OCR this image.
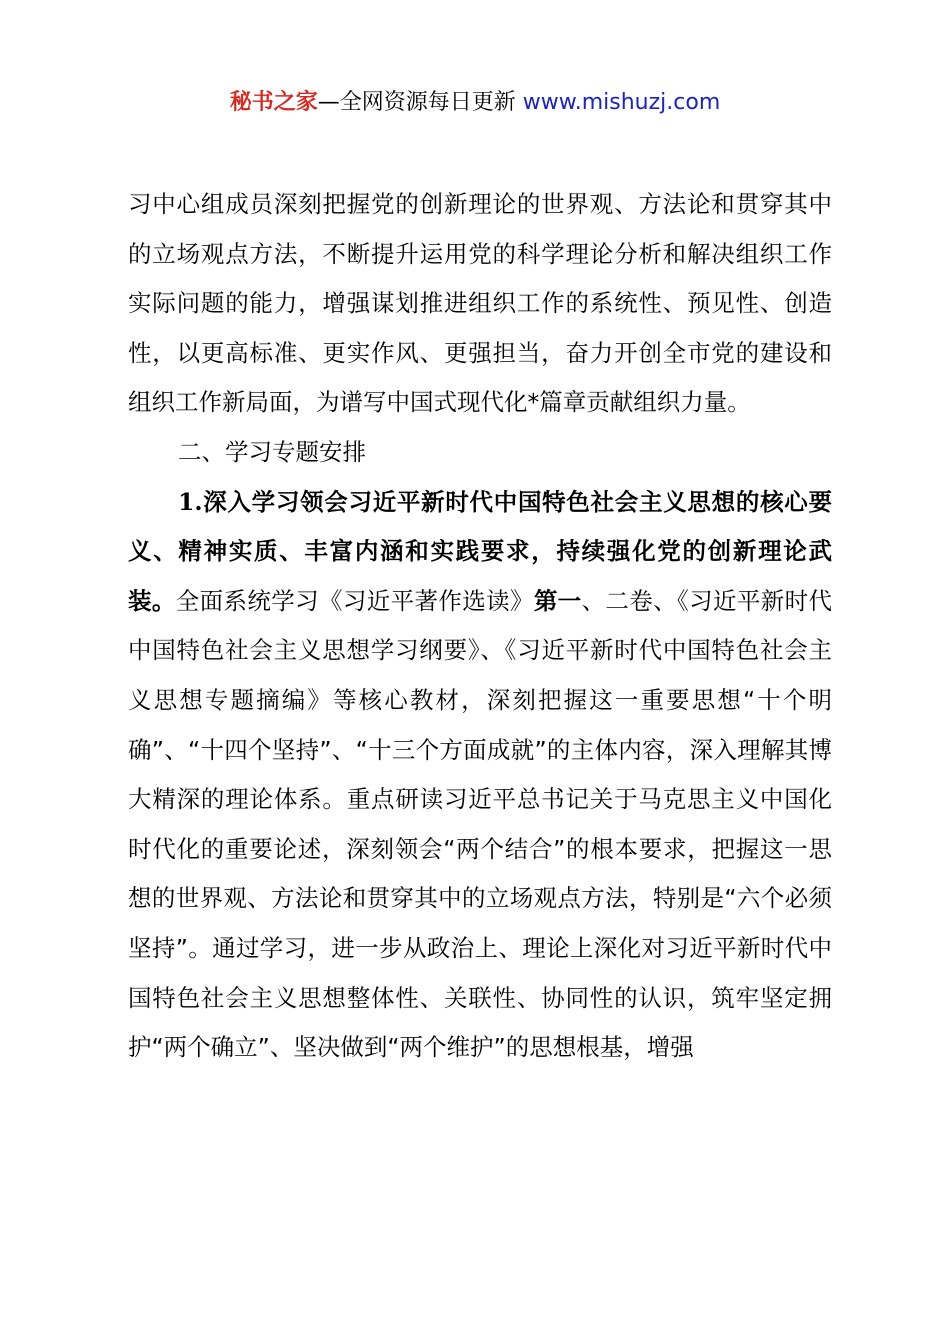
秘书之家—全网资源每日更新 www.mishuzj.com

习中心组成员深刻把握党的创新理论的世界观、方法论和贯穿其中的立场观点方法，不断提升运用党的科学理论分析和解决组织工作实际问题的能力，增强谋划推进组织工作的系统性、预见性、创造性，以更高标准、更实作风、更强担当，奋力开创全市党的建设和组织工作新局面，为谱写中国式现代化*篇章贡献组织力量。

二、学习专题安排

1.深入学习领会习近平新时代中国特色社会主义思想的核心要义、精神实质、丰富内涵和实践要求，持续强化党的创新理论武装。全面系统学习《习近平著作选读》第一、二卷、《习近平新时代中国特色社会主义思想学习纲要》、《习近平新时代中国特色社会主义思想专题摘编》等核心教材，深刻把握这一重要思想“十个明确”、“十四个坚持”、“十三个方面成就”的主体内容，深入理解其博大精深的理论体系。重点研读习近平总书记关于马克思主义中国化时代化的重要论述，深刻领会“两个结合”的根本要求，把握这一思想的世界观、方法论和贯穿其中的立场观点方法，特别是“六个必须坚持”。通过学习，进一步从政治上、理论上深化对习近平新时代中国特色社会主义思想整体性、关联性、协同性的认识，筑牢坚定拥护“两个确立”、坚决做到“两个维护”的思想根基，增强
